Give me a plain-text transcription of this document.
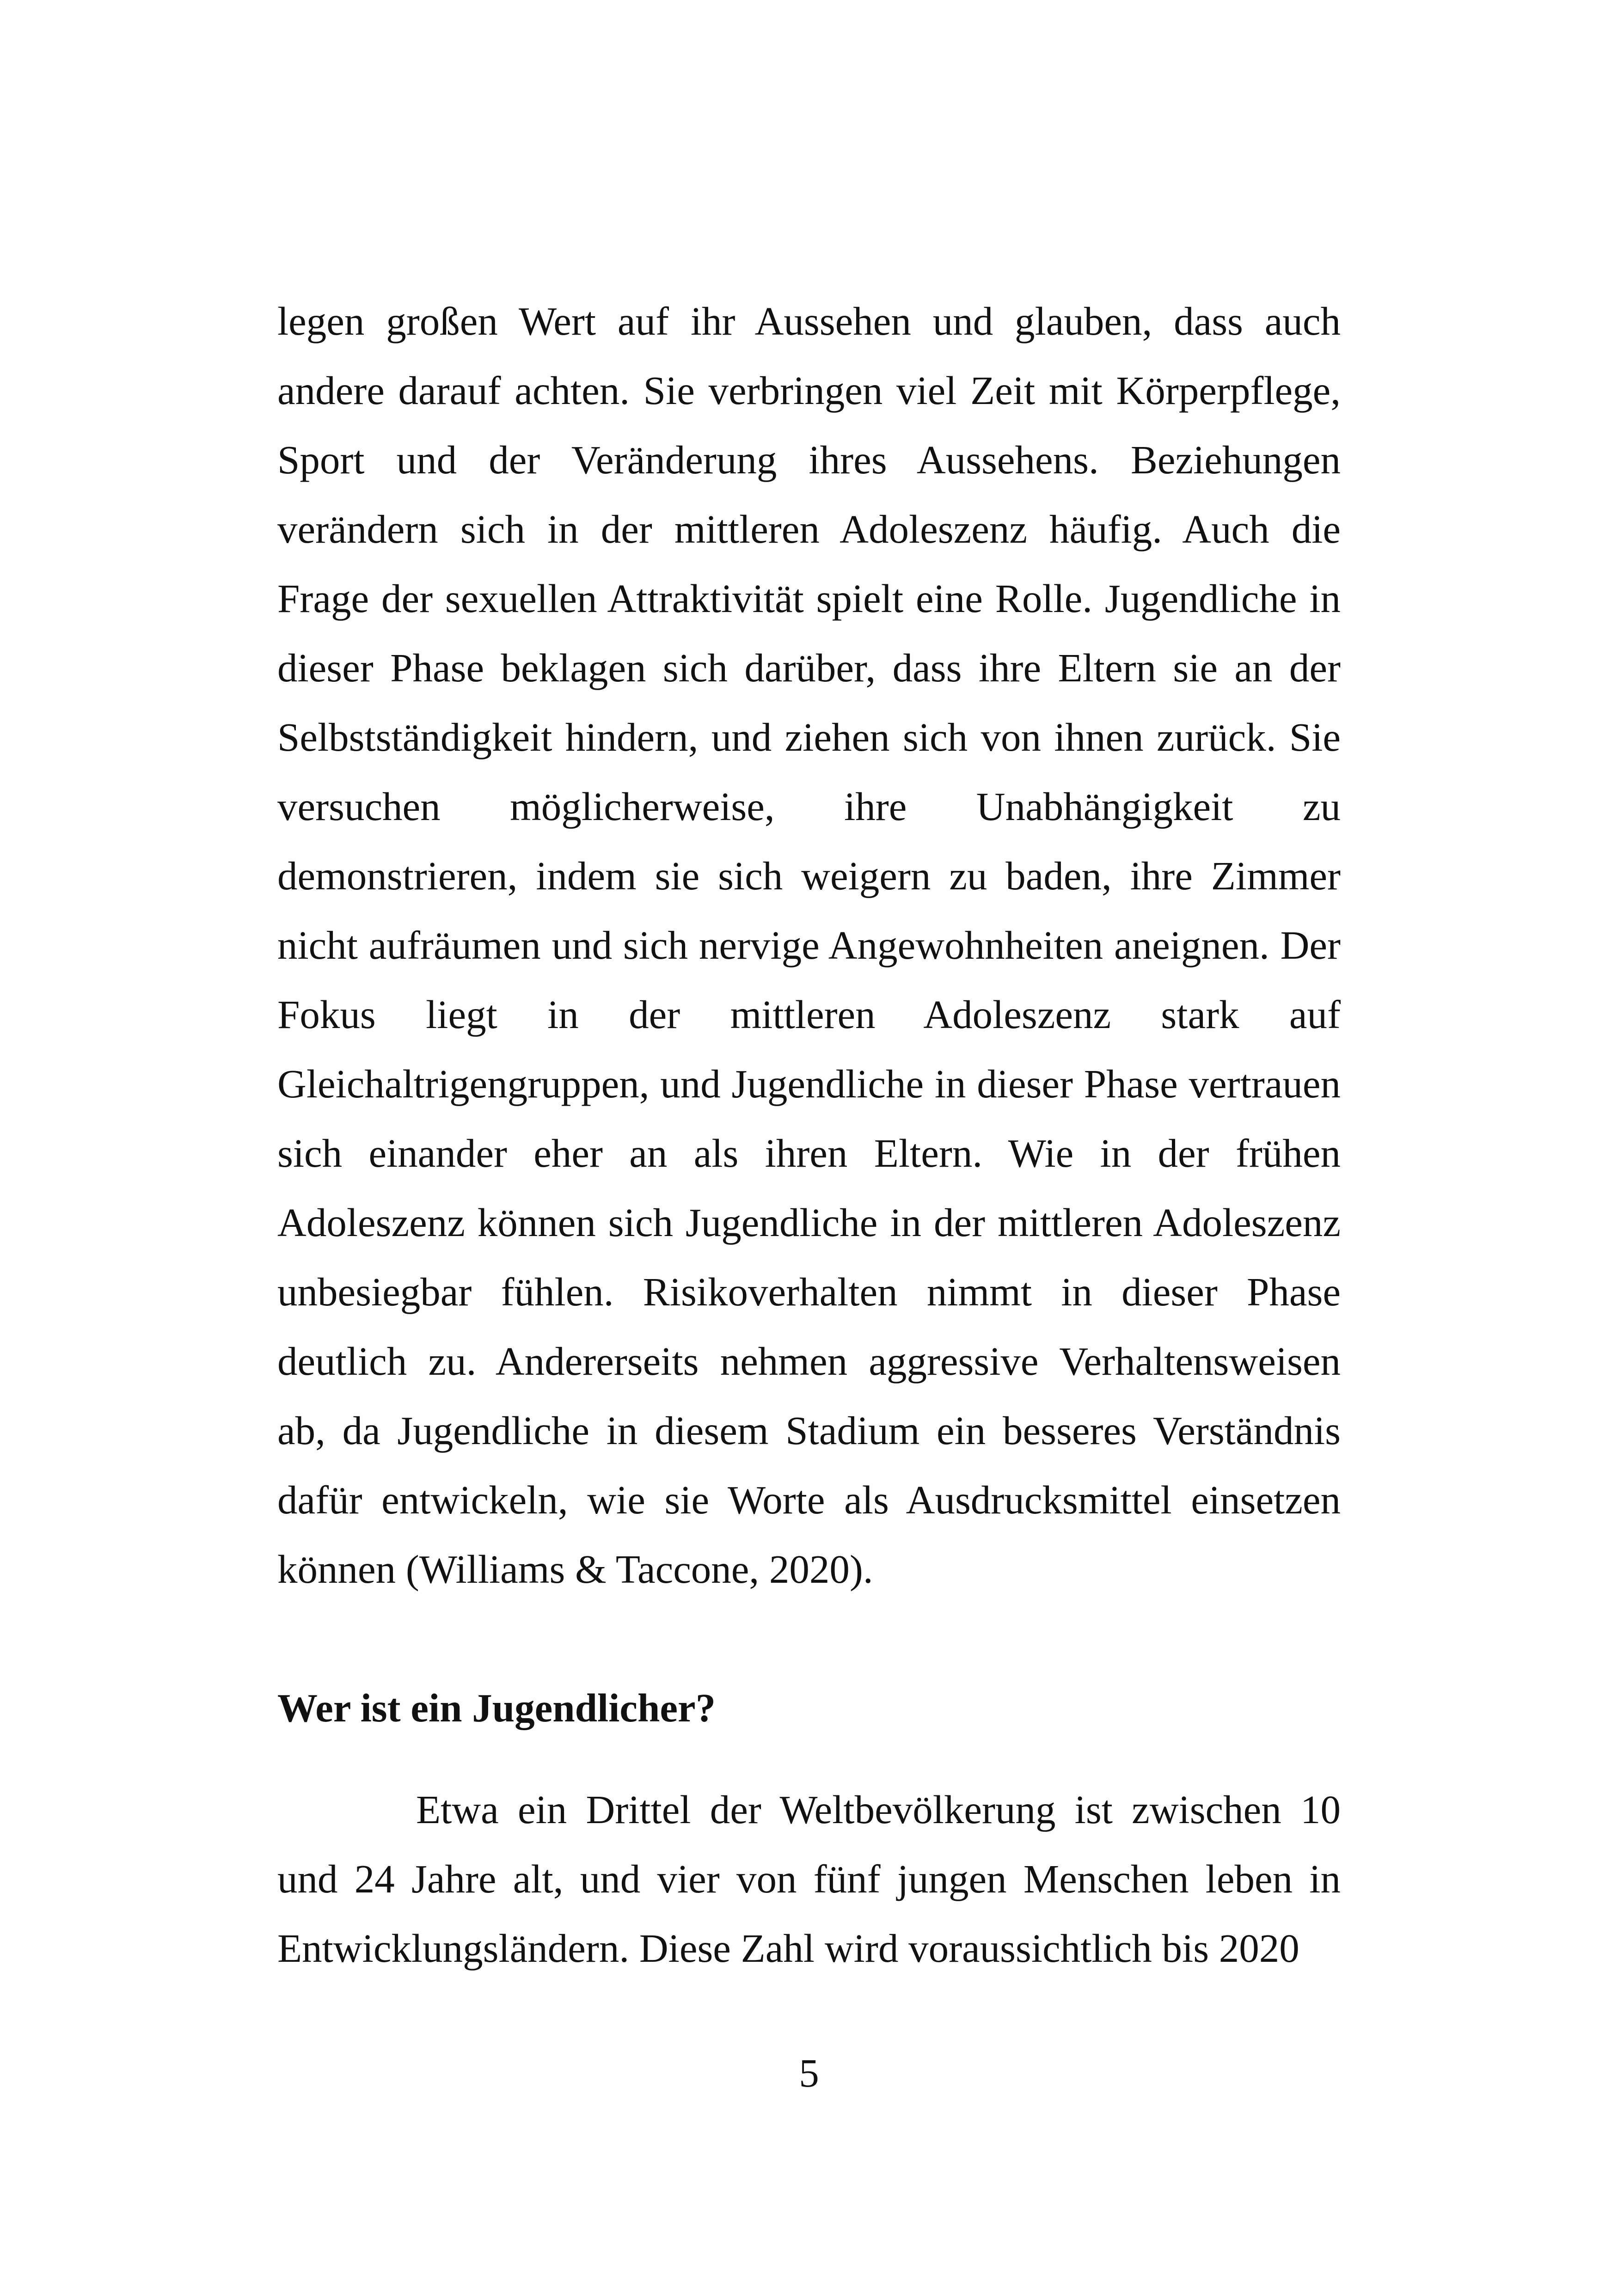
legen großen Wert auf ihr Aussehen und glauben, dass auch andere darauf achten. Sie verbringen viel Zeit mit Körperpflege, Sport und der Veränderung ihres Aussehens. Beziehungen verändern sich in der mittleren Adoleszenz häufig. Auch die Frage der sexuellen Attraktivität spielt eine Rolle. Jugendliche in dieser Phase beklagen sich darüber, dass ihre Eltern sie an der Selbstständigkeit hindern, und ziehen sich von ihnen zurück. Sie versuchen möglicherweise, ihre Unabhängigkeit zu demonstrieren, indem sie sich weigern zu baden, ihre Zimmer nicht aufräumen und sich nervige Angewohnheiten aneignen. Der Fokus liegt in der mittleren Adoleszenz stark auf Gleichaltrigengruppen, und Jugendliche in dieser Phase vertrauen sich einander eher an als ihren Eltern. Wie in der frühen Adoleszenz können sich Jugendliche in der mittleren Adoleszenz unbesiegbar fühlen. Risikoverhalten nimmt in dieser Phase deutlich zu. Andererseits nehmen aggressive Verhaltensweisen ab, da Jugendliche in diesem Stadium ein besseres Verständnis dafür entwickeln, wie sie Worte als Ausdrucksmittel einsetzen können (Williams & Taccone, 2020).

Wer ist ein Jugendlicher?

Etwa ein Drittel der Weltbevölkerung ist zwischen 10 und 24 Jahre alt, und vier von fünf jungen Menschen leben in Entwicklungsländern. Diese Zahl wird voraussichtlich bis 2020

5
